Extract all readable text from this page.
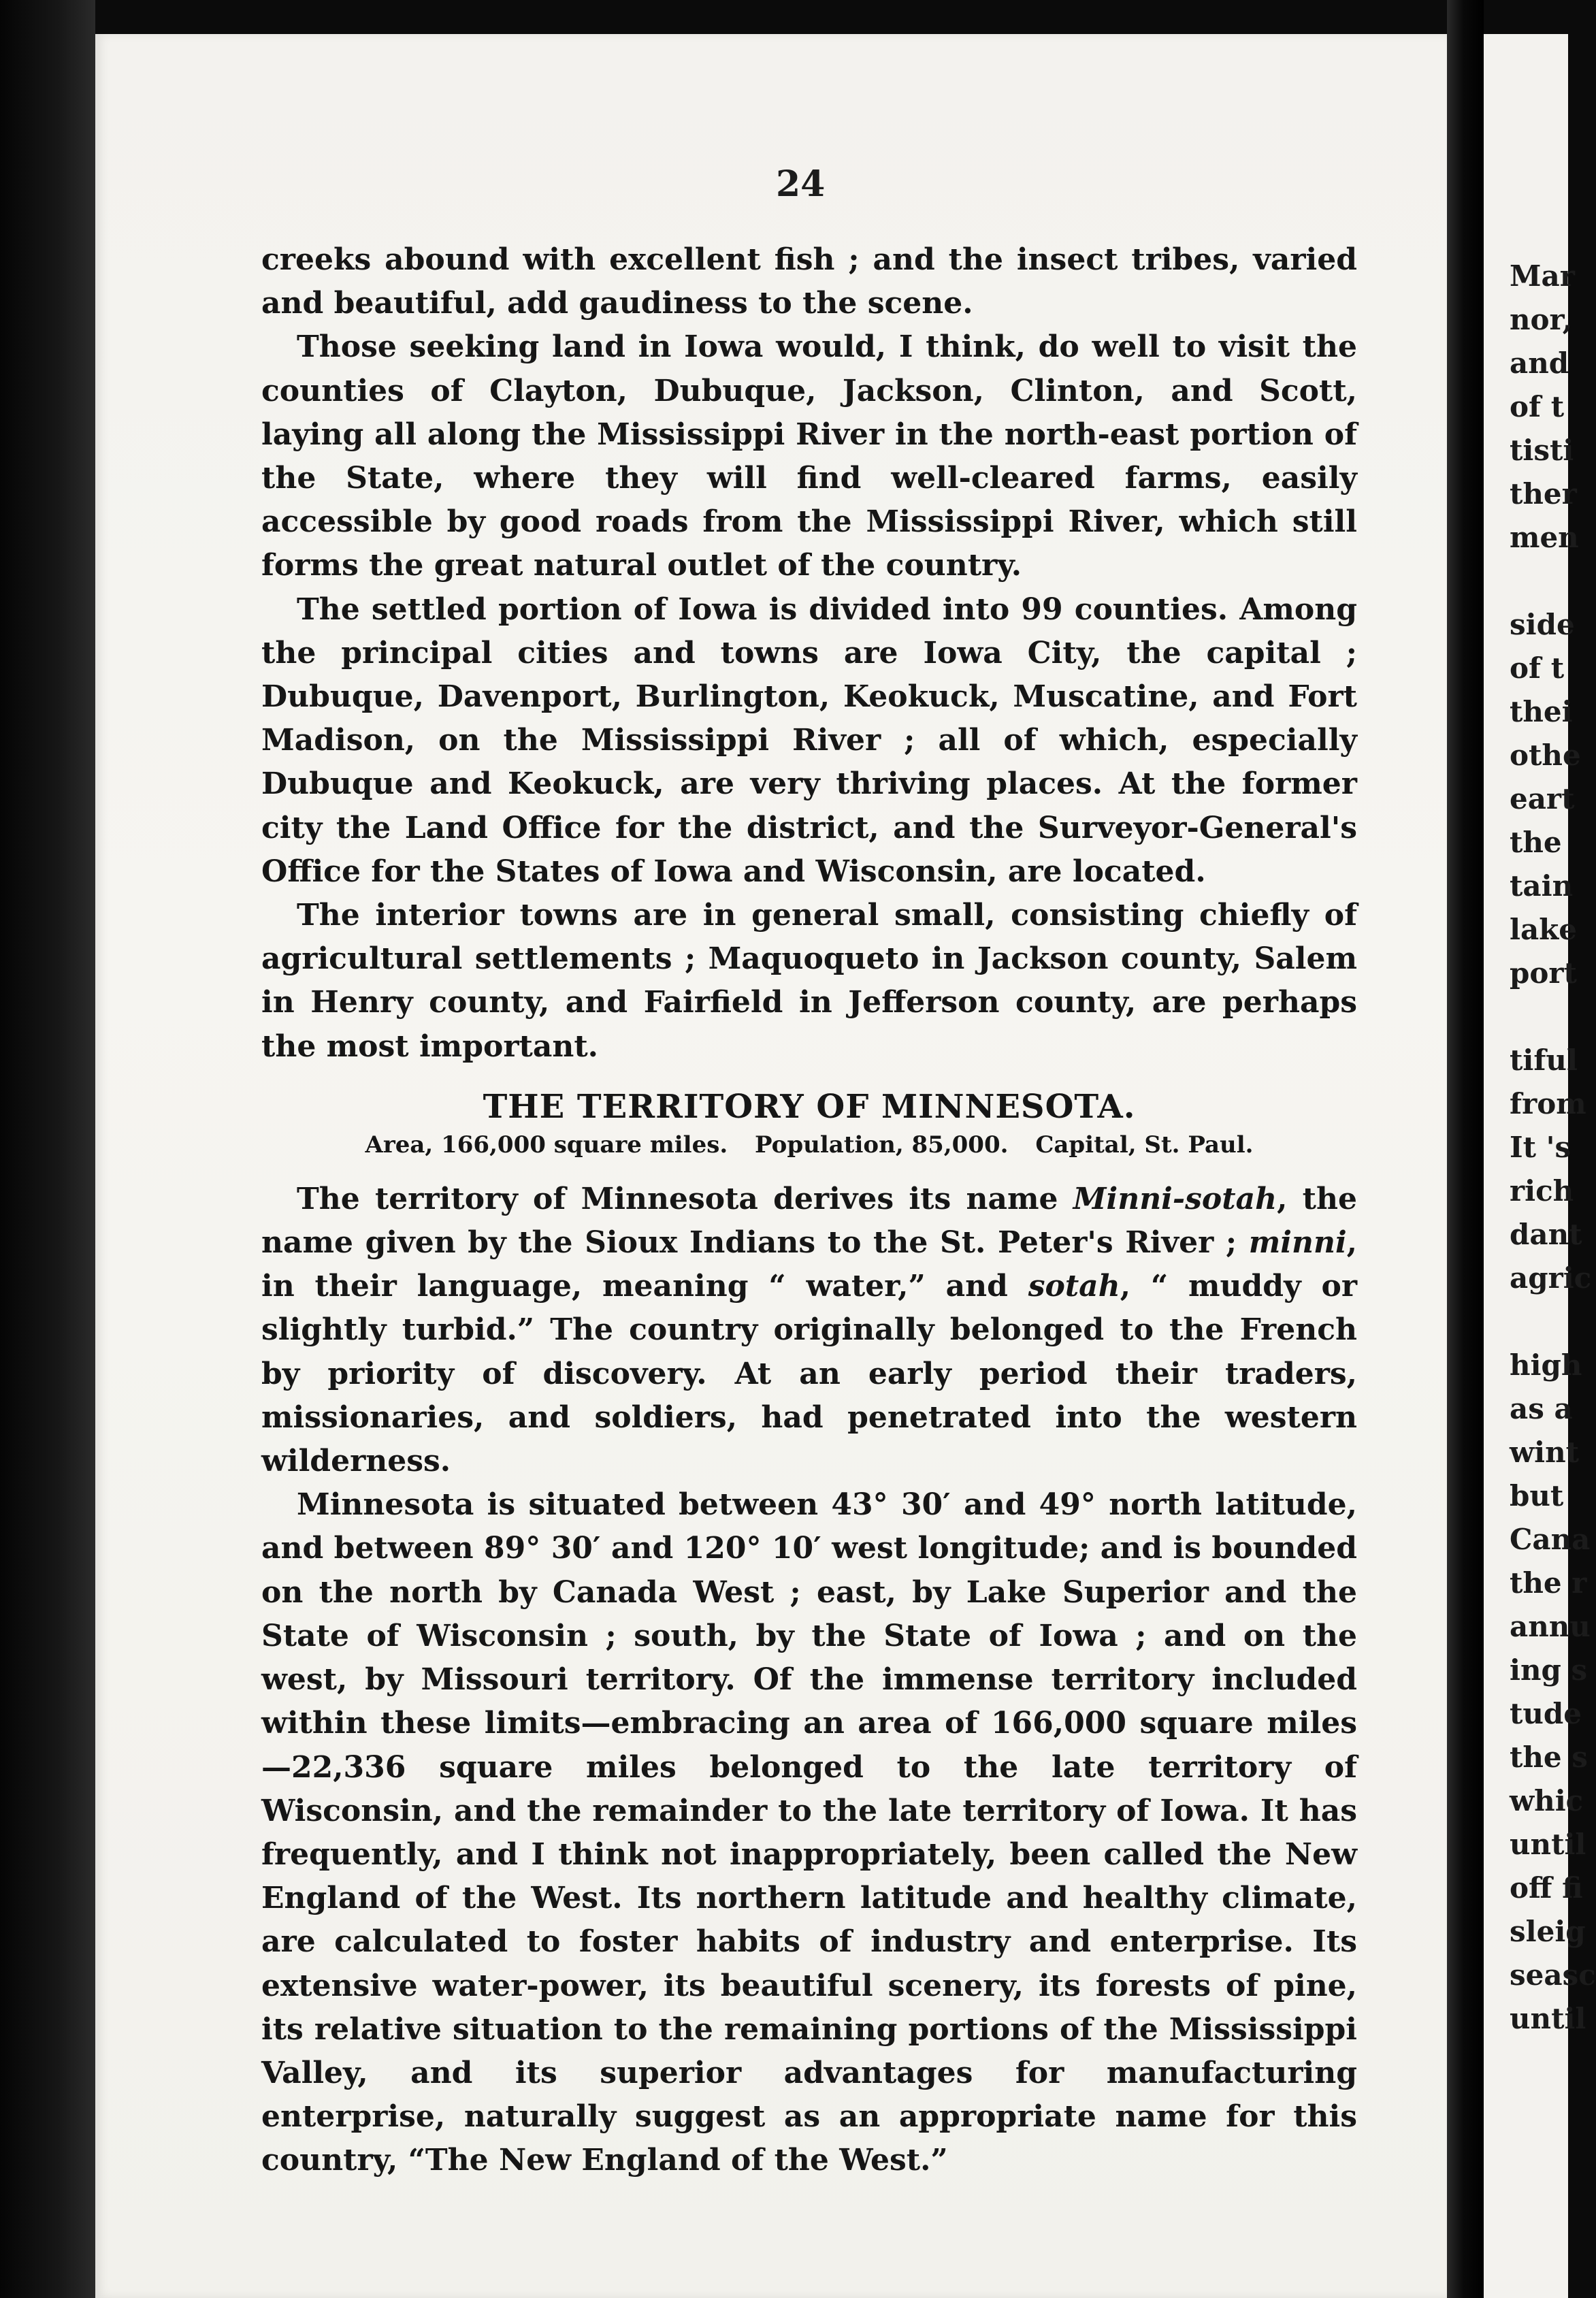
24

creeks abound with excellent fish ; and the insect tribes, varied and beautiful, add gaudiness to the scene.

Those seeking land in Iowa would, I think, do well to visit the counties of Clayton, Dubuque, Jackson, Clinton, and Scott, laying all along the Mississippi River in the north-east portion of the State, where they will find well-cleared farms, easily accessible by good roads from the Mississippi River, which still forms the great natural outlet of the country.

The settled portion of Iowa is divided into 99 counties. Among the principal cities and towns are Iowa City, the capital ; Dubuque, Davenport, Burlington, Keokuck, Muscatine, and Fort Madison, on the Mississippi River ; all of which, especially Dubuque and Keokuck, are very thriving places. At the former city the Land Office for the district, and the Surveyor-General's Office for the States of Iowa and Wisconsin, are located.

The interior towns are in general small, consisting chiefly of agricultural settlements ; Maquoqueto in Jackson county, Salem in Henry county, and Fairfield in Jefferson county, are perhaps the most important.

THE TERRITORY OF MINNESOTA.
Area, 166,000 square miles. Population, 85,000. Capital, St. Paul.

The territory of Minnesota derives its name Minni-sotah, the name given by the Sioux Indians to the St. Peter's River ; minni, in their language, meaning “ water,” and sotah, “ muddy or slightly turbid.” The country originally belonged to the French by priority of discovery. At an early period their traders, missionaries, and soldiers, had penetrated into the western wilderness.

Minnesota is situated between 43° 30′ and 49° north latitude, and between 89° 30′ and 120° 10′ west longitude; and is bounded on the north by Canada West ; east, by Lake Superior and the State of Wisconsin ; south, by the State of Iowa ; and on the west, by Missouri territory. Of the immense territory included within these limits—embracing an area of 166,000 square miles—22,336 square miles belonged to the late territory of Wisconsin, and the remainder to the late territory of Iowa. It has frequently, and I think not inappropriately, been called the New England of the West. Its northern latitude and healthy climate, are calculated to foster habits of industry and enterprise. Its extensive water-power, its beautiful scenery, its forests of pine, its relative situation to the remaining portions of the Mississippi Valley, and its superior advantages for manufacturing enterprise, naturally suggest as an appropriate name for this country, “The New England of the West.”

Mar

nor,

and

of t

tisti

ther

men

side

of t

thei

othe

eart

the

tain

lake

port

tiful

from

It 's

rich

dant

agric

high

as a

wint

but

Cana

the r

annu

ing s

tude

the s

whic

until

off fi

sleig

seasc

until
